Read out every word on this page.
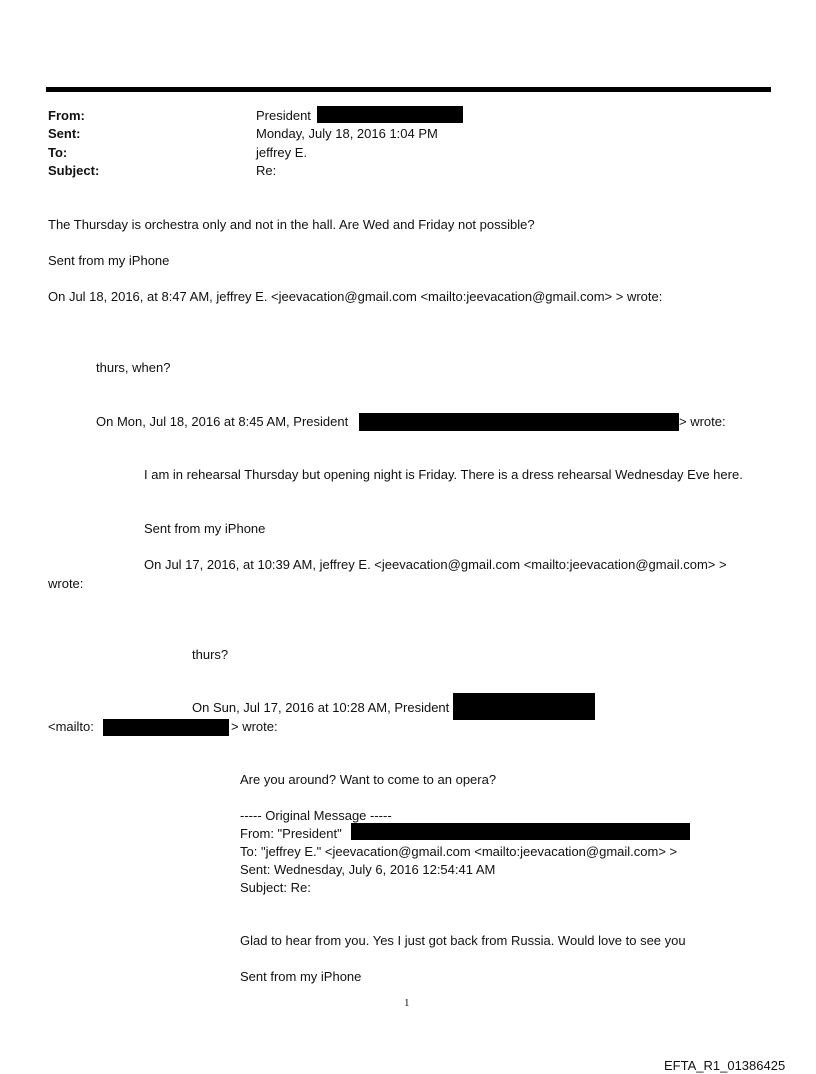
From:
Sent:
To:
Subject:
President
Monday, July 18, 2016 1:04 PM
jeffrey E.
Re:
The Thursday is orchestra only and not in the hall. Are Wed and Friday not possible?
Sent from my iPhone
On Jul 18, 2016, at 8:47 AM, jeffrey E. <jeevacation@gmail.com <mailto:jeevacation@gmail.com> > wrote:
thurs, when?
On Mon, Jul 18, 2016 at 8:45 AM, President	> wrote:
I am in rehearsal Thursday but opening night is Friday. There is a dress rehearsal Wednesday Eve here.
Sent from my iPhone
On Jul 17, 2016, at 10:39 AM, jeffrey E. <jeevacation@gmail.com <mailto:jeevacation@gmail.com> >
wrote:
thurs?
On Sun, Jul 17, 2016 at 10:28 AM, President
<mailto:	> wrote:
Are you around? Want to come to an opera?
----- Original Message -----
From: "President"
To: "jeffrey E." <jeevacation@gmail.com <mailto:jeevacation@gmail.com> >
Sent: Wednesday, July 6, 2016 12:54:41 AM
Subject: Re:
Glad to hear from you. Yes I just got back from Russia. Would love to see you
Sent from my iPhone
1
EFTA_R1_01386425
